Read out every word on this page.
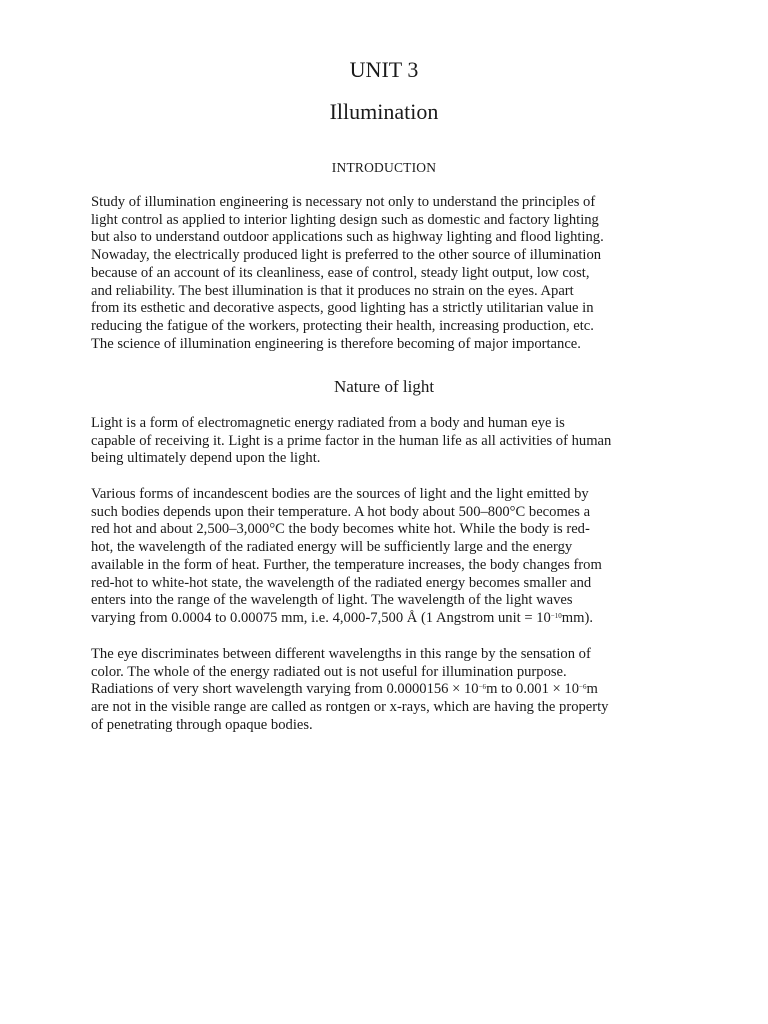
UNIT 3
Illumination
INTRODUCTION

Study of illumination engineering is necessary not only to understand the principles of
light control as applied to interior lighting design such as domestic and factory lighting
but also to understand outdoor applications such as highway lighting and flood lighting.
Nowaday, the electrically produced light is preferred to the other source of illumination
because of an account of its cleanliness, ease of control, steady light output, low cost,
and reliability. The best illumination is that it produces no strain on the eyes. Apart
from its esthetic and decorative aspects, good lighting has a strictly utilitarian value in
reducing the fatigue of the workers, protecting their health, increasing production, etc.
The science of illumination engineering is therefore becoming of major importance.

Nature of light

Light is a form of electromagnetic energy radiated from a body and human eye is
capable of receiving it. Light is a prime factor in the human life as all activities of human
being ultimately depend upon the light.

Various forms of incandescent bodies are the sources of light and the light emitted by
such bodies depends upon their temperature. A hot body about 500–800°C becomes a
red hot and about 2,500–3,000°C the body becomes white hot. While the body is red-
hot, the wavelength of the radiated energy will be sufficiently large and the energy
available in the form of heat. Further, the temperature increases, the body changes from
red-hot to white-hot state, the wavelength of the radiated energy becomes smaller and
enters into the range of the wavelength of light. The wavelength of the light waves
varying from 0.0004 to 0.00075 mm, i.e. 4,000-7,500 Å (1 Angstrom unit = $10^{-10}mm$).

The eye discriminates between different wavelengths in this range by the sensation of
color. The whole of the energy radiated out is not useful for illumination purpose.
Radiations of very short wavelength varying from $0.0000156 \times 10^{-6}m$ to $0.001 \times 10^{-6}m$
are not in the visible range are called as rontgen or x-rays, which are having the property
of penetrating through opaque bodies.
